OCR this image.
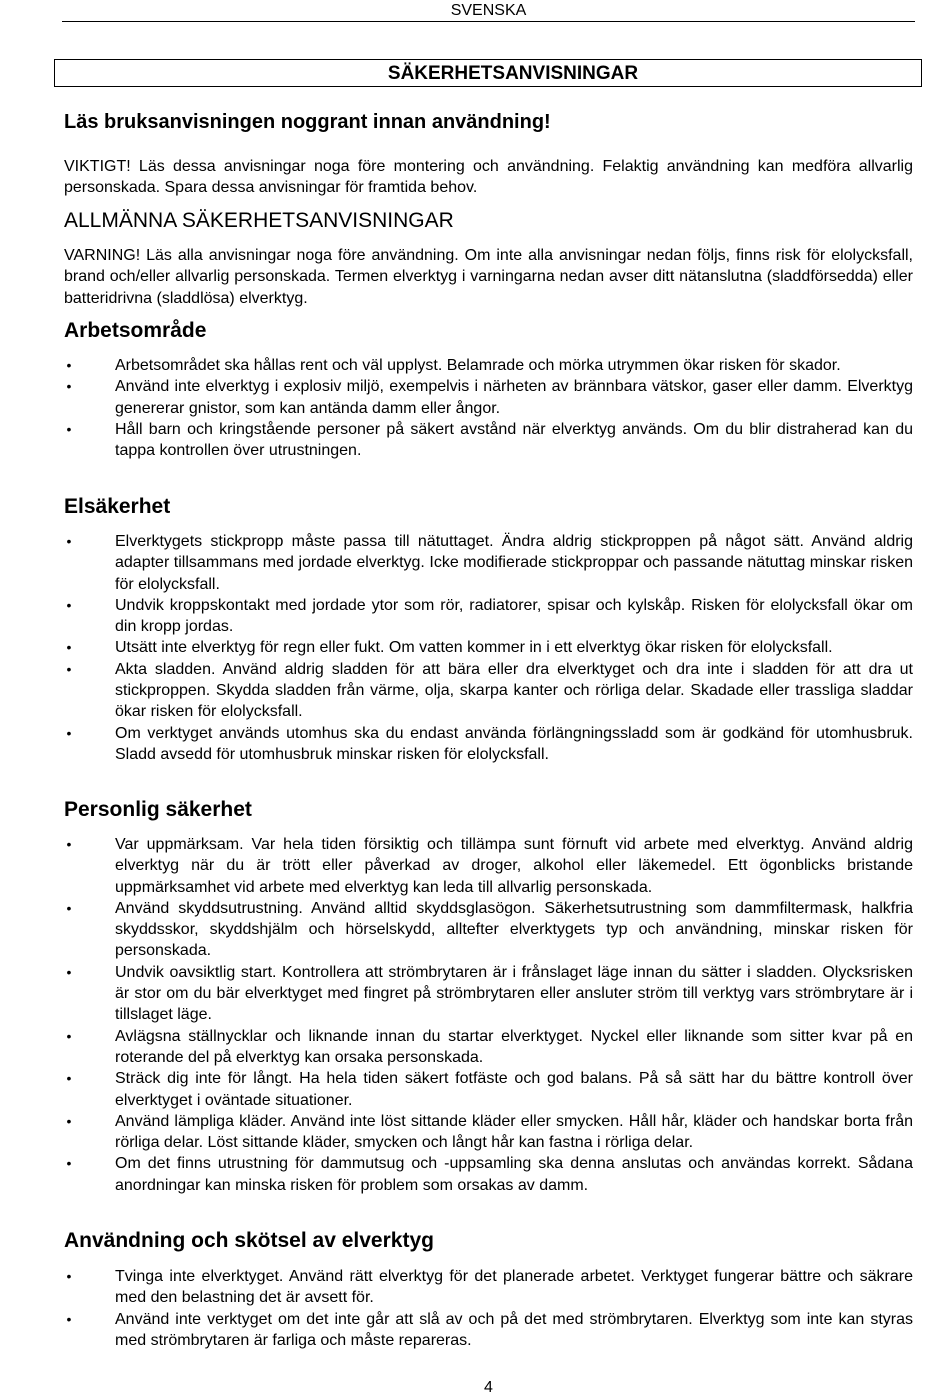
SVENSKA
SÄKERHETSANVISNINGAR

Läs bruksanvisningen noggrant innan användning!

VIKTIGT! Läs dessa anvisningar noga före montering och användning. Felaktig användning kan medföra allvarlig personskada. Spara dessa anvisningar för framtida behov.

ALLMÄNNA SÄKERHETSANVISNINGAR

VARNING! Läs alla anvisningar noga före användning. Om inte alla anvisningar nedan följs, finns risk för elolycksfall, brand och/eller allvarlig personskada. Termen elverktyg i varningarna nedan avser ditt nätanslutna (sladdförsedda) eller batteridrivna (sladdlösa) elverktyg.

Arbetsområde

•	Arbetsområdet ska hållas rent och väl upplyst. Belamrade och mörka utrymmen ökar risken för skador.
•	Använd inte elverktyg i explosiv miljö, exempelvis i närheten av brännbara vätskor, gaser eller damm. Elverktyg genererar gnistor, som kan antända damm eller ångor.
•	Håll barn och kringstående personer på säkert avstånd när elverktyg används. Om du blir distraherad kan du tappa kontrollen över utrustningen.

Elsäkerhet

•	Elverktygets stickpropp måste passa till nätuttaget. Ändra aldrig stickproppen på något sätt. Använd aldrig adapter tillsammans med jordade elverktyg. Icke modifierade stickproppar och passande nätuttag minskar risken för elolycksfall.
•	Undvik kroppskontakt med jordade ytor som rör, radiatorer, spisar och kylskåp. Risken för elolycksfall ökar om din kropp jordas.
•	Utsätt inte elverktyg för regn eller fukt. Om vatten kommer in i ett elverktyg ökar risken för elolycksfall.
•	Akta sladden. Använd aldrig sladden för att bära eller dra elverktyget och dra inte i sladden för att dra ut stickproppen. Skydda sladden från värme, olja, skarpa kanter och rörliga delar. Skadade eller trassliga sladdar ökar risken för elolycksfall.
•	Om verktyget används utomhus ska du endast använda förlängningssladd som är godkänd för utomhusbruk. Sladd avsedd för utomhusbruk minskar risken för elolycksfall.

Personlig säkerhet

•	Var uppmärksam. Var hela tiden försiktig och tillämpa sunt förnuft vid arbete med elverktyg. Använd aldrig elverktyg när du är trött eller påverkad av droger, alkohol eller läkemedel. Ett ögonblicks bristande uppmärksamhet vid arbete med elverktyg kan leda till allvarlig personskada.
•	Använd skyddsutrustning. Använd alltid skyddsglasögon. Säkerhetsutrustning som dammfiltermask, halkfria skyddsskor, skyddshjälm och hörselskydd, alltefter elverktygets typ och användning, minskar risken för personskada.
•	Undvik oavsiktlig start. Kontrollera att strömbrytaren är i frånslaget läge innan du sätter i sladden. Olycksrisken är stor om du bär elverktyget med fingret på strömbrytaren eller ansluter ström till verktyg vars strömbrytare är i tillslaget läge.
•	Avlägsna ställnycklar och liknande innan du startar elverktyget. Nyckel eller liknande som sitter kvar på en roterande del på elverktyg kan orsaka personskada.
•	Sträck dig inte för långt. Ha hela tiden säkert fotfäste och god balans. På så sätt har du bättre kontroll över elverktyget i oväntade situationer.
•	Använd lämpliga kläder. Använd inte löst sittande kläder eller smycken. Håll hår, kläder och handskar borta från rörliga delar. Löst sittande kläder, smycken och långt hår kan fastna i rörliga delar.
•	Om det finns utrustning för dammutsug och -uppsamling ska denna anslutas och användas korrekt. Sådana anordningar kan minska risken för problem som orsakas av damm.

Användning och skötsel av elverktyg

•	Tvinga inte elverktyget. Använd rätt elverktyg för det planerade arbetet. Verktyget fungerar bättre och säkrare med den belastning det är avsett för.
•	Använd inte verktyget om det inte går att slå av och på det med strömbrytaren. Elverktyg som inte kan styras med strömbrytaren är farliga och måste repareras.
4
